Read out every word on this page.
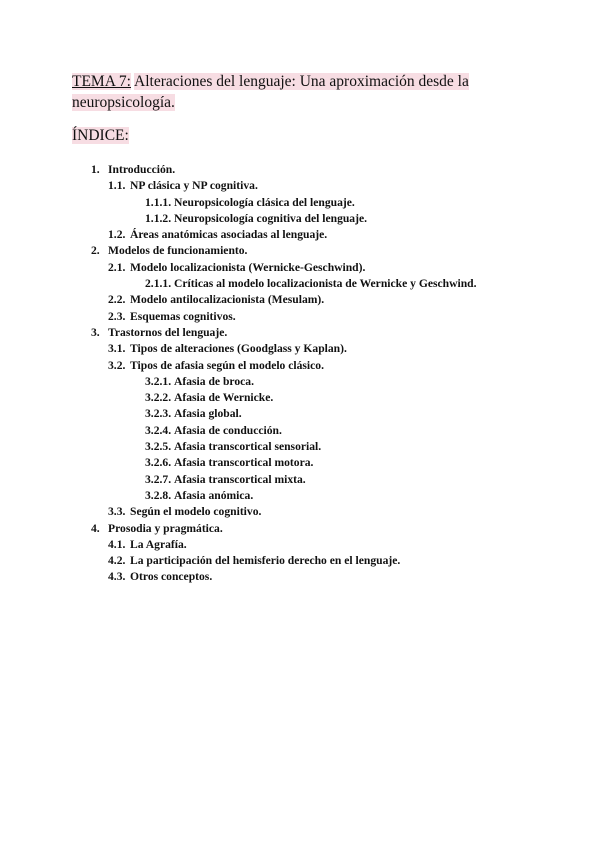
TEMA 7: Alteraciones del lenguaje: Una aproximación desde la neuropsicología.
ÍNDICE:
1. Introducción.
1.1. NP clásica y NP cognitiva.
1.1.1. Neuropsicología clásica del lenguaje.
1.1.2. Neuropsicología cognitiva del lenguaje.
1.2. Áreas anatómicas asociadas al lenguaje.
2. Modelos de funcionamiento.
2.1. Modelo localizacionista (Wernicke-Geschwind).
2.1.1. Críticas al modelo localizacionista de Wernicke y Geschwind.
2.2. Modelo antilocalizacionista (Mesulam).
2.3. Esquemas cognitivos.
3. Trastornos del lenguaje.
3.1. Tipos de alteraciones (Goodglass y Kaplan).
3.2. Tipos de afasia según el modelo clásico.
3.2.1. Afasia de broca.
3.2.2. Afasia de Wernicke.
3.2.3. Afasia global.
3.2.4. Afasia de conducción.
3.2.5. Afasia transcortical sensorial.
3.2.6. Afasia transcortical motora.
3.2.7. Afasia transcortical mixta.
3.2.8. Afasia anómica.
3.3. Según el modelo cognitivo.
4. Prosodia y pragmática.
4.1. La Agrafía.
4.2. La participación del hemisferio derecho en el lenguaje.
4.3. Otros conceptos.
